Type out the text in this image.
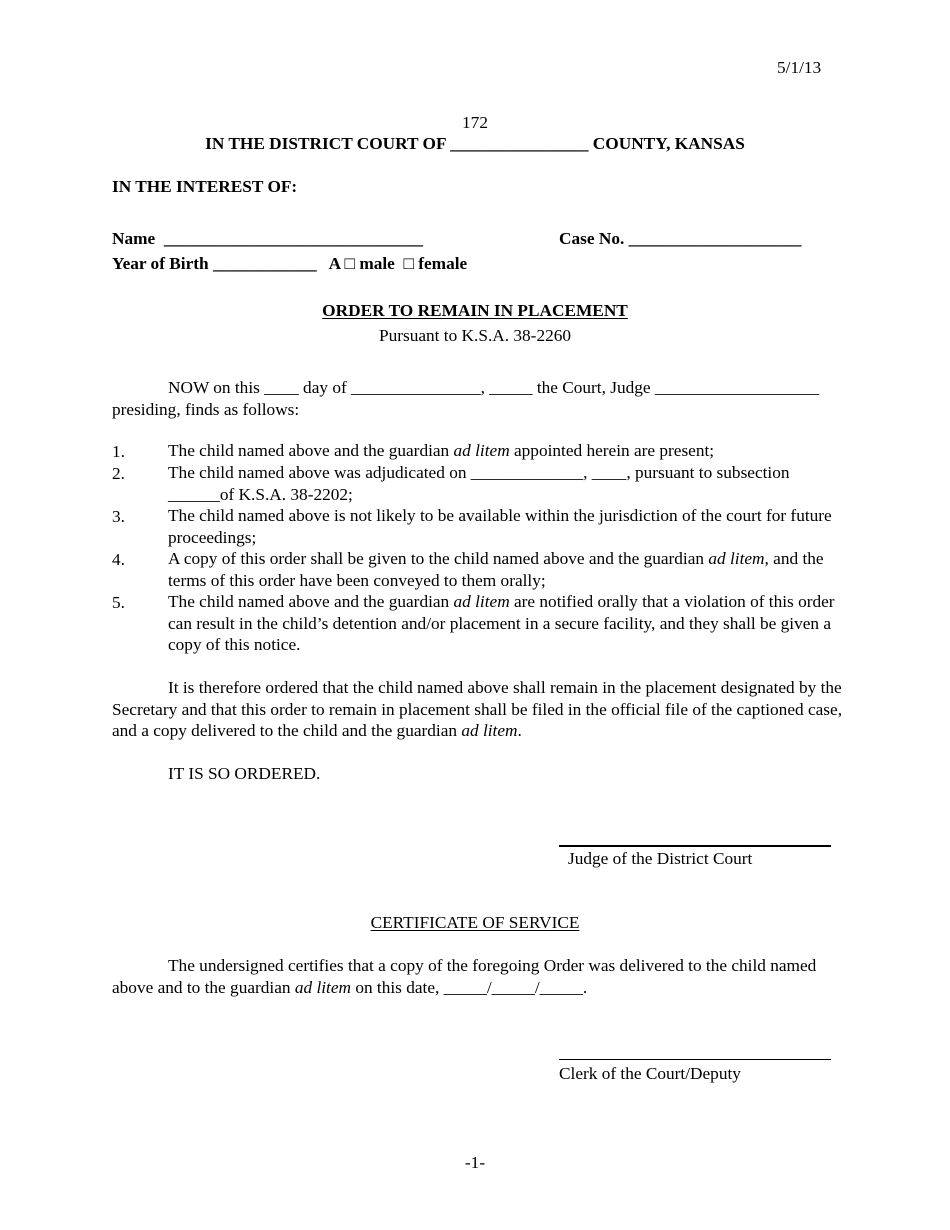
5/1/13
172
IN THE DISTRICT COURT OF ________________ COUNTY, KANSAS
IN THE INTEREST OF:
Name ______________________________	Case No. ____________________
Year of Birth ____________ A □ male □ female
ORDER TO REMAIN IN PLACEMENT
Pursuant to K.S.A. 38-2260
NOW on this ____ day of _______________, _____ the Court, Judge ___________________
presiding, finds as follows:
1. The child named above and the guardian ad litem appointed herein are present;
2. The child named above was adjudicated on _____________, ____, pursuant to subsection ______of K.S.A. 38-2202;
3. The child named above is not likely to be available within the jurisdiction of the court for future proceedings;
4. A copy of this order shall be given to the child named above and the guardian ad litem, and the terms of this order have been conveyed to them orally;
5. The child named above and the guardian ad litem are notified orally that a violation of this order can result in the child’s detention and/or placement in a secure facility, and they shall be given a copy of this notice.
It is therefore ordered that the child named above shall remain in the placement designated by the Secretary and that this order to remain in placement shall be filed in the official file of the captioned case, and a copy delivered to the child and the guardian ad litem.
IT IS SO ORDERED.
Judge of the District Court
CERTIFICATE OF SERVICE
The undersigned certifies that a copy of the foregoing Order was delivered to the child named above and to the guardian ad litem on this date, _____/_____/_____.
Clerk of the Court/Deputy
-1-
